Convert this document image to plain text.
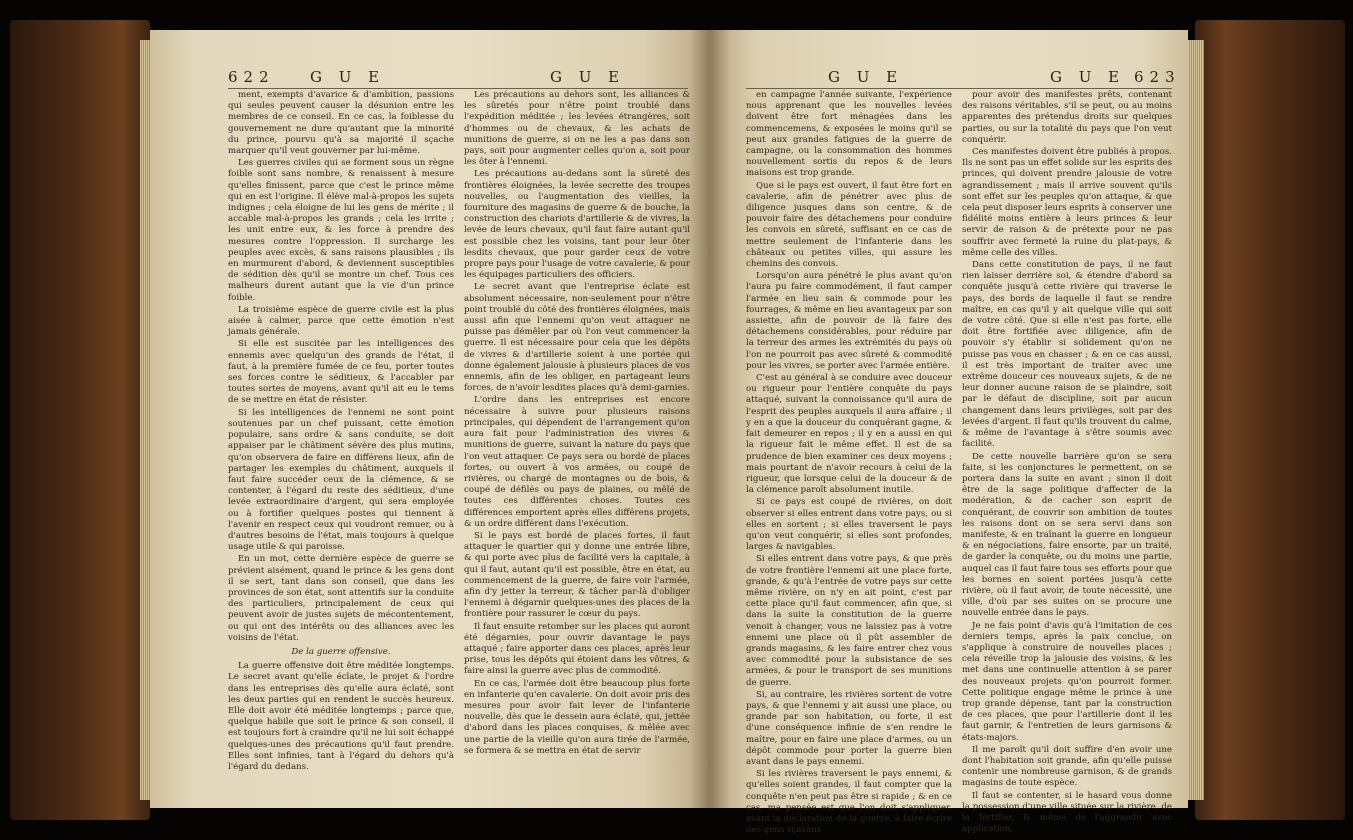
622 G U E	G U E

ment, exempts d'avarice & d'ambition, passions qui seules peuvent causer la désunion entre les membres de ce conseil. En ce cas, la foiblesse du gouvernement ne dure qu'autant que la minorité du prince, pourvu qu'à sa majorité il sçache marquer qu'il veut gouverner par lui-même.

Les guerres civiles qui se forment sous un règne foible sont sans nombre, & renaissent à mesure qu'elles finissent, parce que c'est le prince même qui en est l'origine. Il élève mal-à-propos les sujets indignes ; cela éloigne de lui les gens de mérite ; il accable mal-à-propos les grands ; cela les irrite ; les unit entre eux, & les force à prendre des mesures contre l'oppression. Il surcharge les peuples avec excès, & sans raisons plausibles ; ils en murmurent d'abord, & deviennent susceptibles de sédition dès qu'il se montre un chef. Tous ces malheurs durent autant que la vie d'un prince foible.

La troisième espèce de guerre civile est la plus aisée à calmer, parce que cette émotion n'est jamais générale.

Si elle est suscitée par les intelligences des ennemis avec quelqu'un des grands de l'état, il faut, à la première fumée de ce feu, porter toutes ses forces contre le séditieux, & l'accabler par toutes sortes de moyens, avant qu'il ait eu le tems de se mettre en état de résister.

Si les intelligences de l'ennemi ne sont point soutenues par un chef puissant, cette émotion populaire, sans ordre & sans conduite, se doit appaiser par le châtiment sévère des plus mutins, qu'on observera de faire en différens lieux, afin de partager les exemples du châtiment, auxquels il faut faire succéder ceux de la clémence, & se contenter, à l'égard du reste des séditieux, d'une levée extraordinaire d'argent, qui sera employée ou à fortifier quelques postes qui tiennent à l'avenir en respect ceux qui voudront remuer, ou à d'autres besoins de l'état, mais toujours à quelque usage utile & qui paroisse.

En un mot, cette dernière espèce de guerre se prévient aisément, quand le prince & les gens dont il se sert, tant dans son conseil, que dans les provinces de son état, sont attentifs sur la conduite des particuliers, principalement de ceux qui peuvent avoir de justes sujets de mécontentement, ou qui ont des intérêts ou des alliances avec les voisins de l'état.

De la guerre offensive.

La guerre offensive doit être méditée longtemps. Le secret avant qu'elle éclate, le projet & l'ordre dans les entreprises dès qu'elle aura éclaté, sont les deux parties qui en rendent le succès heureux. Elle doit avoir été méditée longtemps ; parce que, quelque habile que soit le prince & son conseil, il est toujours fort à craindre qu'il ne lui soit échappé quelques-unes des précautions qu'il faut prendre. Elles sont infinies, tant à l'égard du dehors qu'à l'égard du dedans.

Les précautions au dehors sont, les alliances & les sûretés pour n'être point troublé dans l'expédition méditée ; les levées étrangères, soit d'hommes ou de chevaux, & les achats de munitions de guerre, si on ne les a pas dans son pays, soit pour augmenter celles qu'on a, soit pour les ôter à l'ennemi.

Les précautions au-dedans sont la sûreté des frontières éloignées, la levée secrette des troupes nouvelles, ou l'augmentation des vieilles, la fourniture des magasins de guerre & de bouche, la construction des chariots d'artillerie & de vivres, la levée de leurs chevaux, qu'il faut faire autant qu'il est possible chez les voisins, tant pour leur ôter lesdits chevaux, que pour garder ceux de votre propre pays pour l'usage de votre cavalerie, & pour les équipages particuliers des officiers.

Le secret avant que l'entreprise éclate est absolument nécessaire, non-seulement pour n'être point troublé du côté des frontières éloignées, mais aussi afin que l'ennemi qu'on veut attaquer ne puisse pas démêler par où l'on veut commencer la guerre. Il est nécessaire pour cela que les dépôts de vivres & d'artillerie soient à une portée qui donne également jalousie à plusieurs places de vos ennemis, afin de les obliger, en partageant leurs forces, de n'avoir lesdites places qu'à demi-garnies.

L'ordre dans les entreprises est encore nécessaire à suivre pour plusieurs raisons principales, qui dépendent de l'arrangement qu'on aura fait pour l'administration des vivres & munitions de guerre, suivant la nature du pays que l'on veut attaquer. Ce pays sera ou bordé de places fortes, ou ouvert à vos armées, ou coupé de rivières, ou chargé de montagnes ou de bois, & coupé de défilés ou pays de plaines, ou mêlé de toutes ces différentes choses. Toutes ces différences emportent après elles différens projets, & un ordre différent dans l'exécution.

Si le pays est bordé de places fortes, il faut attaquer le quartier qui y donne une entrée libre, & qui porte avec plus de facilité vers la capitale, à qui il faut, autant qu'il est possible, être en état, au commencement de la guerre, de faire voir l'armée, afin d'y jetter la terreur, & tâcher par-là d'obliger l'ennemi à dégarnir quelques-unes des places de la frontière pour rassurer le cœur du pays.

Il faut ensuite retomber sur les places qui auront été dégarnies, pour ouvrir davantage le pays attaqué ; faire apporter dans ces places, après leur prise, tous les dépôts qui étoient dans les vôtres, & faire ainsi la guerre avec plus de commodité.

En ce cas, l'armée doit être beaucoup plus forte en infanterie qu'en cavalerie. On doit avoir pris des mesures pour avoir fait lever de l'infanterie nouvelle, dès que le dessein aura éclaté, qui, jettée d'abord dans les places conquises, & mêlée avec une partie de la vieille qu'on aura tirée de l'armée, se formera & se mettra en état de servir

G U E	G U E 623

en campagne l'année suivante, l'expérience nous apprenant que les nouvelles levées doivent être fort ménagées dans les commencemens, & exposées le moins qu'il se peut aux grandes fatigues de la guerre de campagne, ou la consommation des hommes nouvellement sortis du repos & de leurs maisons est trop grande.

Que si le pays est ouvert, il faut être fort en cavalerie, afin de pénétrer avec plus de diligence jusques dans son centre, & de pouvoir faire des détachemens pour conduire les convois en sûreté, suffisant en ce cas de mettre seulement de l'infanterie dans les châteaux ou petites villes, qui assure les chemins des convois.

Lorsqu'on aura pénétré le plus avant qu'on l'aura pu faire commodément, il faut camper l'armée en lieu sain & commode pour les fourrages, & même en lieu avantageux par son assiette, afin de pouvoir de là faire des détachemens considérables, pour réduire par la terreur des armes les extrémités du pays où l'on ne pourroit pas avec sûreté & commodité pour les vivres, se porter avec l'armée entière.

C'est au général à se conduire avec douceur ou rigueur pour l'entière conquête du pays attaqué, suivant la connoissance qu'il aura de l'esprit des peuples auxquels il aura affaire ; il y en a que la douceur du conquérant gagne, & fait demeurer en repos ; il y en a aussi en qui la rigueur fait le même effet. Il est de sa prudence de bien examiner ces deux moyens ; mais pourtant de n'avoir recours à celui de la rigueur, que lorsque celui de la douceur & de la clémence paroît absolument inutile.

Si ce pays est coupé de rivières, on doit observer si elles entrent dans votre pays, ou si elles en sortent ; si elles traversent le pays qu'on veut conquérir, si elles sont profondes, larges & navigables.

Si elles entrent dans votre pays, & que près de votre frontière l'ennemi ait une place forte, grande, & qu'à l'entrée de votre pays sur cette même rivière, on n'y en ait point, c'est par cette place qu'il faut commencer, afin que, si dans la suite la constitution de la guerre venoit à changer, vous ne laissiez pas à votre ennemi une place où il pût assembler de grands magasins, & les faire entrer chez vous avec commodité pour la subsistance de ses armées, & pour le transport de ses munitions de guerre.

Si, au contraire, les rivières sortent de votre pays, & que l'ennemi y ait aussi une place, ou grande par son habitation, ou forte, il est d'une conséquence infinie de s'en rendre le maître, pour en faire une place d'armes, ou un dépôt commode pour porter la guerre bien avant dans le pays ennemi.

Si les rivières traversent le pays ennemi, & qu'elles soient grandes, il faut compter que la conquête n'en peut pas être si rapide ; & en ce cas, ma pensée est que l'on doit s'appliquer, avant la déclaration de la guerre, à faire écrire des gens sçavans

pour avoir des manifestes prêts, contenant des raisons véritables, s'il se peut, ou au moins apparentes des prétendus droits sur quelques parties, ou sur la totalité du pays que l'on veut conquérir.

Ces manifestes doivent être publiés à propos. Ils ne sont pas un effet solide sur les esprits des princes, qui doivent prendre jalousie de votre agrandissement ; mais il arrive souvent qu'ils sont effet sur les peuples qu'on attaque, & que cela peut disposer leurs esprits à conserver une fidélité moins entière à leurs princes & leur servir de raison & de prétexte pour ne pas souffrir avec fermeté la ruine du plat-pays, & même celle des villes.

Dans cette constitution de pays, il ne faut rien laisser derrière soi, & étendre d'abord sa conquête jusqu'à cette rivière qui traverse le pays, des bords de laquelle il faut se rendre maître, en cas qu'il y ait quelque ville qui soit de votre côté. Que si elle n'est pas forte, elle doit être fortifiée avec diligence, afin de pouvoir s'y établir si solidement qu'on ne puisse pas vous en chasser ; & en ce cas aussi, il est très important de traiter avec une extrême douceur ces nouveaux sujets, & de ne leur donner aucune raison de se plaindre, soit par le défaut de discipline, soit par aucun changement dans leurs privilèges, soit par des levées d'argent. Il faut qu'ils trouvent du calme, & même de l'avantage à s'être soumis avec facilité.

De cette nouvelle barrière qu'on se sera faite, si les conjonctures le permettent, on se portera dans la suite en avant ; sinon il doit être de la sage politique d'affecter de la modération, & de cacher son esprit de conquérant, de couvrir son ambition de toutes les raisons dont on se sera servi dans son manifeste, & en traînant la guerre en longueur & en négociations, faire ensorte, par un traité, de garder la conquête, ou du moins une partie, auquel cas il faut faire tous ses efforts pour que les bornes en soient portées jusqu'à cette rivière, où il faut avoir, de toute nécessité, une ville, d'où par ses suites on se procure une nouvelle entrée dans le pays.

Je ne fais point d'avis qu'à l'imitation de ces derniers temps, après la paix conclue, on s'applique à construire de nouvelles places ; cela réveille trop la jalousie des voisins, & les met dans une continuelle attention à se parer des nouveaux projets qu'on pourroit former. Cette politique engage même le prince à une trop grande dépense, tant par la construction de ces places, que pour l'artillerie dont il les faut garnir, & l'entretien de leurs garnisons & états-majors.

Il me paroît qu'il doit suffire d'en avoir une dont l'habitation soit grande, afin qu'elle puisse contenir une nombreuse garnison, & de grands magasins de toute espèce.

Il faut se contenter, si le hasard vous donne la possession d'une ville située sur la rivière, de la fortifier, & même de l'aggrandir avec application,
